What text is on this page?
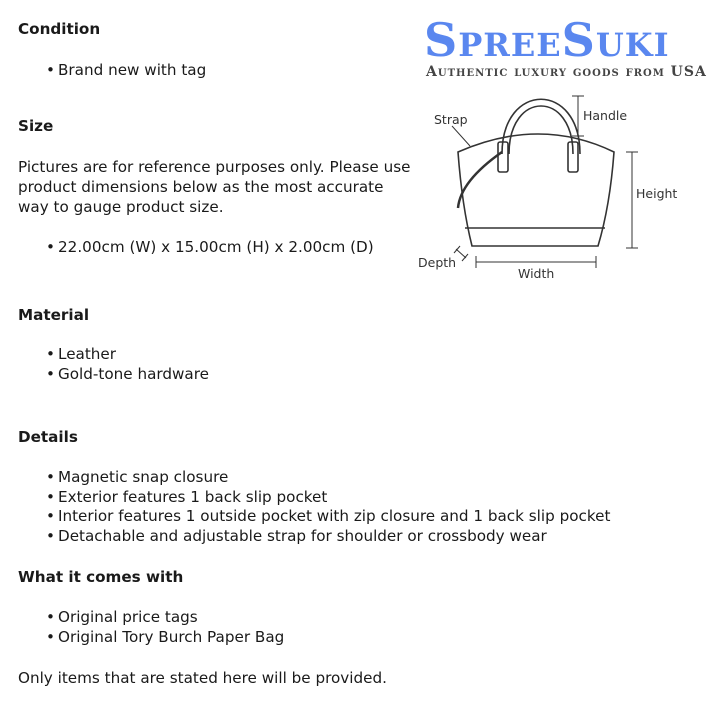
SpreeSuki
Authentic luxury goods from USA
Strap	Handle
Height
Depth
Width
Condition
• Brand new with tag
Size
Pictures are for reference purposes only. Please use product dimensions below as the most accurate way to gauge product size.
• 22.00cm (W) x 15.00cm (H) x 2.00cm (D)
Material
• Leather
• Gold-tone hardware
Details
• Magnetic snap closure
• Exterior features 1 back slip pocket
• Interior features 1 outside pocket with zip closure and 1 back slip pocket
• Detachable and adjustable strap for shoulder or crossbody wear
What it comes with
• Original price tags
• Original Tory Burch Paper Bag
Only items that are stated here will be provided.
